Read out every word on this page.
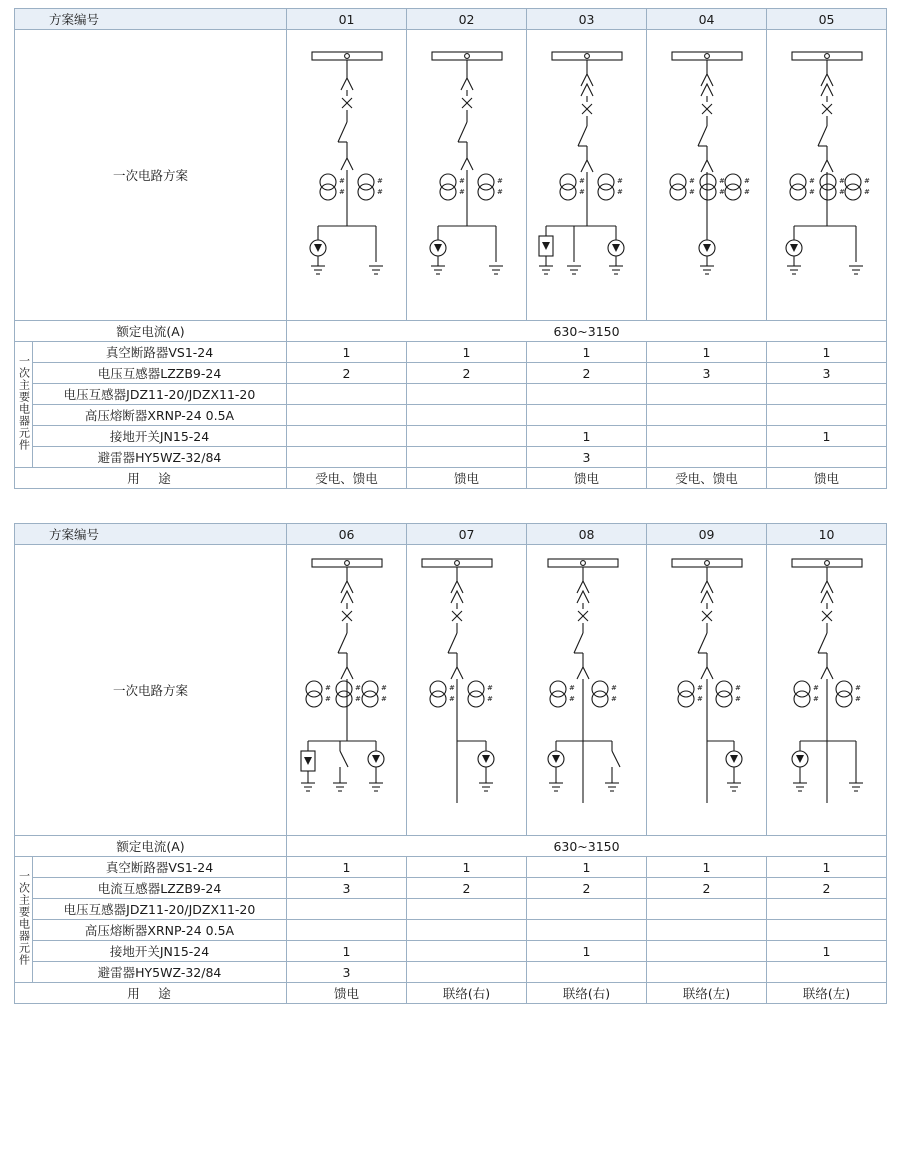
方案编号		01	02	03	04	05
一次电路方案	#
#
#
#

#
#
#
#

#
#
#
#

#
#
#
#
#
#

#
#
#
#
#
#

额定电流(A)		630~3150				
一次主要电器元件	真空断路器VS1-24	1	1	1	1	1
	电压互感器LZZB9-24	2	2	2	3	3
	电压互感器JDZ11-20/JDZX11-20					
	高压熔断器XRNP-24 0.5A					
	接地开关JN15-24			1		1
	避雷器HY5WZ-32/84			3		
用　途		受电、馈电	馈电	馈电	受电、馈电	馈电
方案编号		06	07	08	09	10
一次电路方案	#
#
#
#
#
#

#
#
#
#

#
#
#
#

#
#
#
#

#
#
#
#

额定电流(A)		630~3150				
一次主要电器元件	真空断路器VS1-24	1	1	1	1	1
	电流互感器LZZB9-24	3	2	2	2	2
	电压互感器JDZ11-20/JDZX11-20					
	高压熔断器XRNP-24 0.5A					
	接地开关JN15-24	1		1		1
	避雷器HY5WZ-32/84	3				
用　途		馈电	联络(右)	联络(右)	联络(左)	联络(左)
